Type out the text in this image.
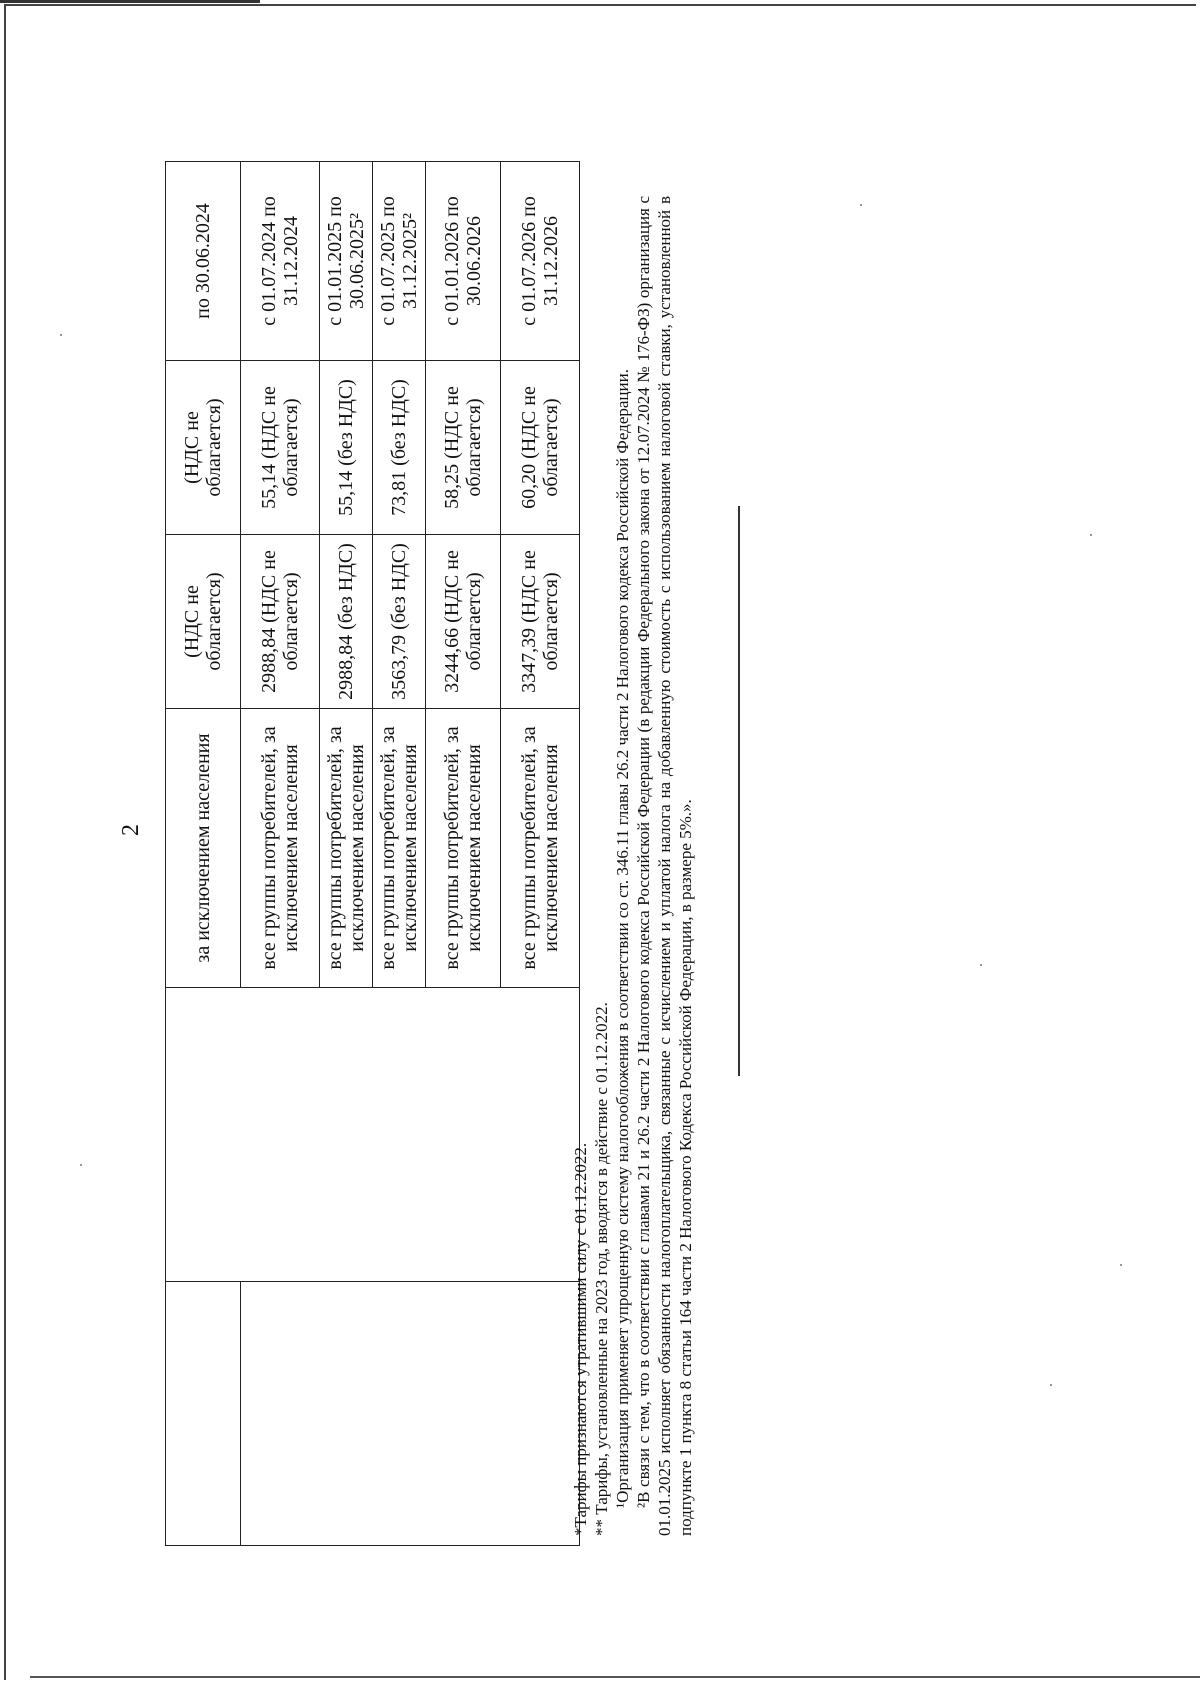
2
		за исключением населения	(НДС не облагается)	(НДС не облагается)	по 30.06.2024
		все группы потребителей, за исключением населения	2988,84 (НДС не облагается)	55,14 (НДС не облагается)	с 01.07.2024 по 31.12.2024
		все группы потребителей, за исключением населения	2988,84 (без НДС)	55,14 (без НДС)	с 01.01.2025 по 30.06.2025²
		все группы потребителей, за исключением населения	3563,79 (без НДС)	73,81 (без НДС)	с 01.07.2025 по 31.12.2025²
		все группы потребителей, за исключением населения	3244,66 (НДС не облагается)	58,25 (НДС не облагается)	с 01.01.2026 по 30.06.2026
		все группы потребителей, за исключением населения	3347,39 (НДС не облагается)	60,20 (НДС не облагается)	с 01.07.2026 по 31.12.2026

*Тарифы признаются утратившими силу с 01.12.2022. ** Тарифы, установленные на 2023 год, вводятся в действие с 01.12.2022. ¹Организация применяет упрощенную систему налогообложения в соответствии со ст. 346.11 главы 26.2 части 2 Налогового кодекса Российской Федерации. ²В связи с тем, что в соответствии с главами 21 и 26.2 части 2 Налогового кодекса Российской Федерации (в редакции Федерального закона от 12.07.2024 № 176-ФЗ) организация с 01.01.2025 исполняет обязанности налогоплательщика, связанные с исчислением и уплатой налога на добавленную стоимость с использованием налоговой ставки, установленной в подпункте 1 пункта 8 статьи 164 части 2 Налогового Кодекса Российской Федерации, в размере 5%.».
